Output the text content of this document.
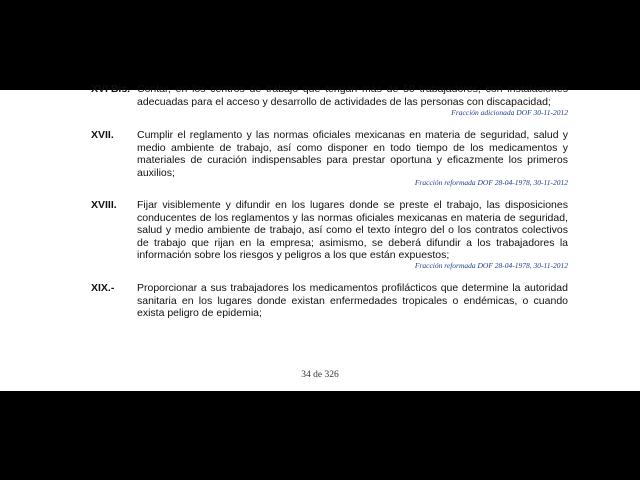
XVI Bis. Contar, en los centros de trabajo que tengan más de 50 trabajadores, con instalaciones adecuadas para el acceso y desarrollo de actividades de las personas con discapacidad;

Fracción adicionada DOF 30-11-2012
XVII. Cumplir el reglamento y las normas oficiales mexicanas en materia de seguridad, salud y medio ambiente de trabajo, así como disponer en todo tiempo de los medicamentos y materiales de curación indispensables para prestar oportuna y eficazmente los primeros auxilios;

Fracción reformada DOF 28-04-1978, 30-11-2012
XVIII. Fijar visiblemente y difundir en los lugares donde se preste el trabajo, las disposiciones conducentes de los reglamentos y las normas oficiales mexicanas en materia de seguridad, salud y medio ambiente de trabajo, así como el texto íntegro del o los contratos colectivos de trabajo que rijan en la empresa; asimismo, se deberá difundir a los trabajadores la información sobre los riesgos y peligros a los que están expuestos;

Fracción reformada DOF 28-04-1978, 30-11-2012
XIX.- Proporcionar a sus trabajadores los medicamentos profilácticos que determine la autoridad sanitaria en los lugares donde existan enfermedades tropicales o endémicas, o cuando exista peligro de epidemia;

34 de 326
